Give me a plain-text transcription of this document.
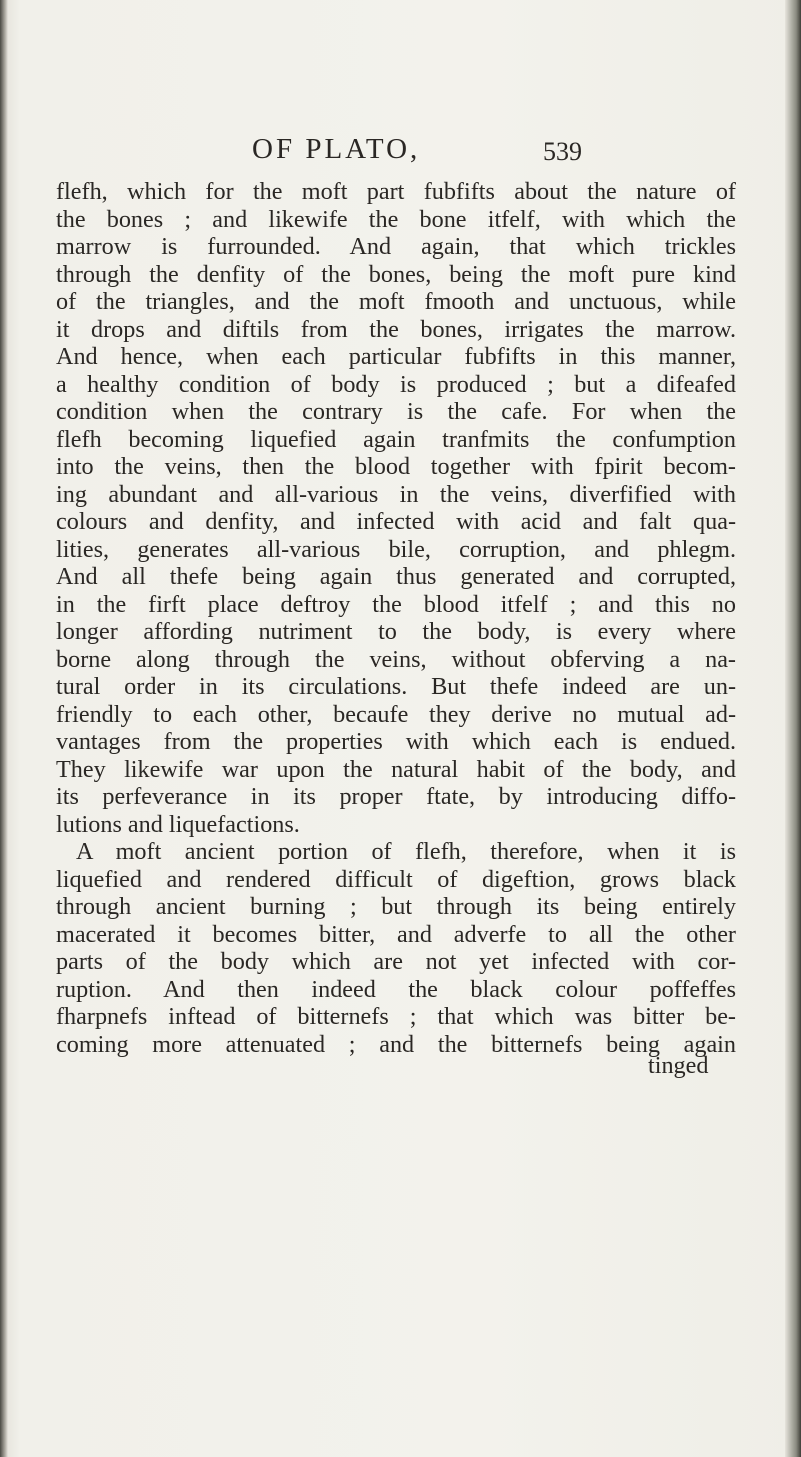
OF PLATO,	539
flefh, which for the moft part fubfifts about the nature of
the bones ; and likewife the bone itfelf, with which the
marrow is furrounded. And again, that which trickles
through the denfity of the bones, being the moft pure kind
of the triangles, and the moft fmooth and unctuous, while
it drops and diftils from the bones, irrigates the marrow.
And hence, when each particular fubfifts in this manner,
a healthy condition of body is produced ; but a difeafed
condition when the contrary is the cafe. For when the
flefh becoming liquefied again tranfmits the confumption
into the veins, then the blood together with fpirit becom-
ing abundant and all-various in the veins, diverfified with
colours and denfity, and infected with acid and falt qua-
lities, generates all-various bile, corruption, and phlegm.
And all thefe being again thus generated and corrupted,
in the firft place deftroy the blood itfelf ; and this no
longer affording nutriment to the body, is every where
borne along through the veins, without obferving a na-
tural order in its circulations. But thefe indeed are un-
friendly to each other, becaufe they derive no mutual ad-
vantages from the properties with which each is endued.
They likewife war upon the natural habit of the body, and
its perfeverance in its proper ftate, by introducing diffo-
lutions and liquefactions.
A moft ancient portion of flefh, therefore, when it is
liquefied and rendered difficult of digeftion, grows black
through ancient burning ; but through its being entirely
macerated it becomes bitter, and adverfe to all the other
parts of the body which are not yet infected with cor-
ruption. And then indeed the black colour poffeffes
fharpnefs inftead of bitternefs ; that which was bitter be-
coming more attenuated ; and the bitternefs being again
tinged
